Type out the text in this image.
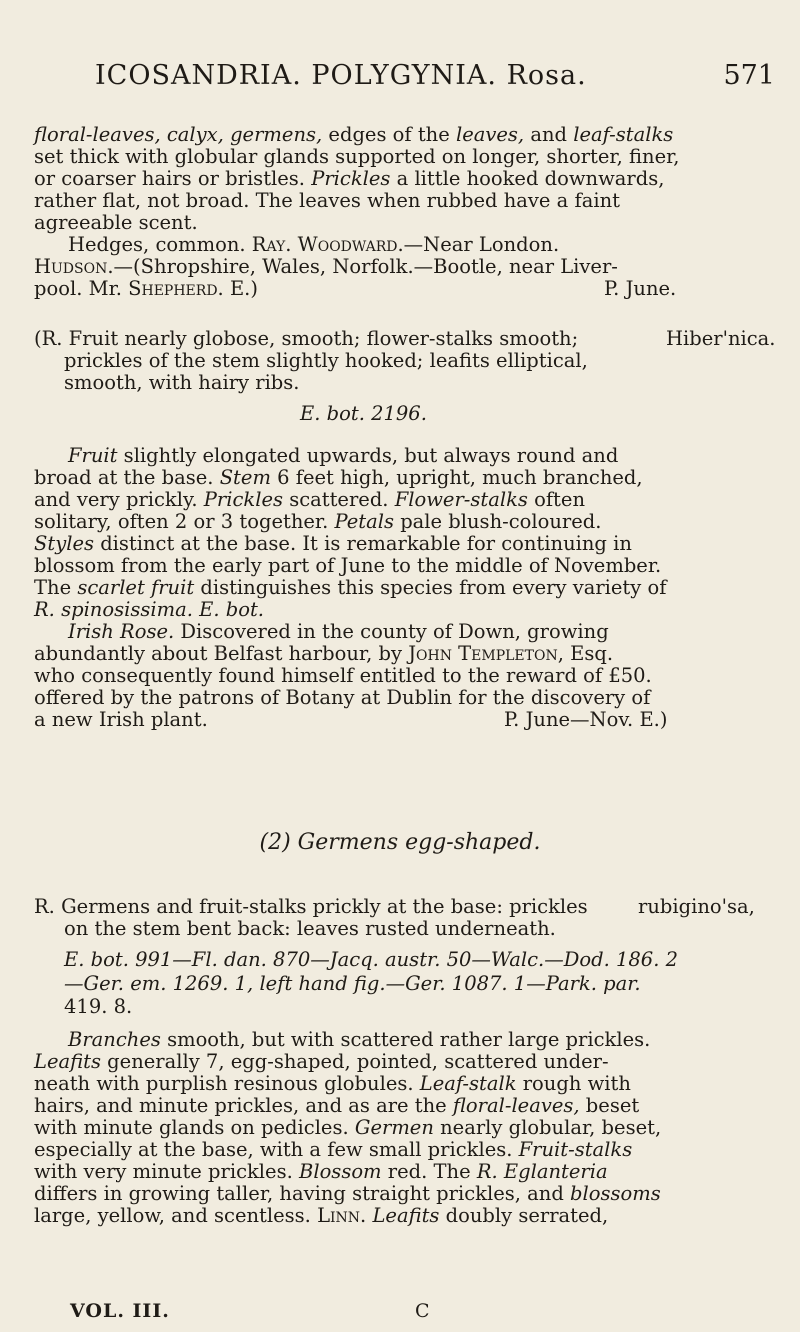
ICOSANDRIA. POLYGYNIA. Rosa.	571
floral-leaves, calyx, germens, edges of the leaves, and leaf-stalks
set thick with globular glands supported on longer, shorter, finer,
or coarser hairs or bristles. Prickles a little hooked downwards,
rather flat, not broad. The leaves when rubbed have a faint
agreeable scent.
Hedges, common. Ray. Woodward.—Near London.
Hudson.—(Shropshire, Wales, Norfolk.—Bootle, near Liver-
pool. Mr. Shepherd. E.)	P. June.
(R. Fruit nearly globose, smooth; flower-stalks smooth;
prickles of the stem slightly hooked; leafits elliptical,
smooth, with hairy ribs.
Hiber'nica.
E. bot. 2196.
Fruit slightly elongated upwards, but always round and
broad at the base. Stem 6 feet high, upright, much branched,
and very prickly. Prickles scattered. Flower-stalks often
solitary, often 2 or 3 together. Petals pale blush-coloured.
Styles distinct at the base. It is remarkable for continuing in
blossom from the early part of June to the middle of November.
The scarlet fruit distinguishes this species from every variety of
R. spinosissima. E. bot.
Irish Rose. Discovered in the county of Down, growing
abundantly about Belfast harbour, by John Templeton, Esq.
who consequently found himself entitled to the reward of £50.
offered by the patrons of Botany at Dublin for the discovery of
a new Irish plant.	P. June—Nov. E.)
(2) Germens egg-shaped.
R. Germens and fruit-stalks prickly at the base: prickles
on the stem bent back: leaves rusted underneath.
rubigino'sa,
E. bot. 991—Fl. dan. 870—Jacq. austr. 50—Walc.—Dod. 186. 2
—Ger. em. 1269. 1, left hand fig.—Ger. 1087. 1—Park. par.
419. 8.
Branches smooth, but with scattered rather large prickles.
Leafits generally 7, egg-shaped, pointed, scattered under-
neath with purplish resinous globules. Leaf-stalk rough with
hairs, and minute prickles, and as are the floral-leaves, beset
with minute glands on pedicles. Germen nearly globular, beset,
especially at the base, with a few small prickles. Fruit-stalks
with very minute prickles. Blossom red. The R. Eglanteria
differs in growing taller, having straight prickles, and blossoms
large, yellow, and scentless. Linn. Leafits doubly serrated,
VOL. III.	C
